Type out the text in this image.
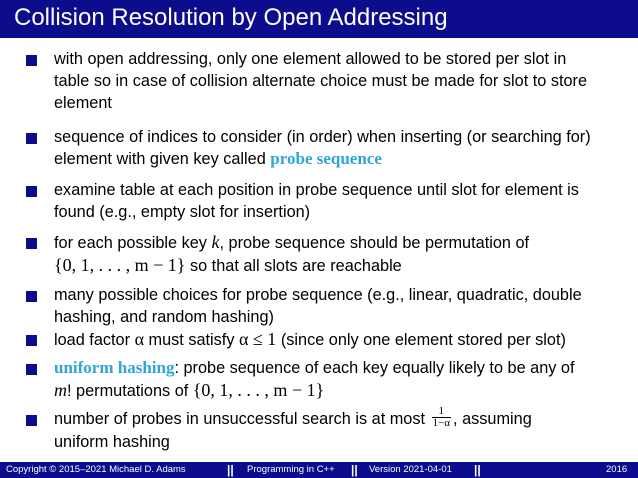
Collision Resolution by Open Addressing
with open addressing, only one element allowed to be stored per slot in table so in case of collision alternate choice must be made for slot to store element
sequence of indices to consider (in order) when inserting (or searching for) element with given key called probe sequence
examine table at each position in probe sequence until slot for element is found (e.g., empty slot for insertion)
for each possible key k, probe sequence should be permutation of
{0, 1, . . . , m − 1} so that all slots are reachable
many possible choices for probe sequence (e.g., linear, quadratic, double hashing, and random hashing)
load factor α must satisfy α ≤ 1 (since only one element stored per slot)
uniform hashing: probe sequence of each key equally likely to be any of
m! permutations of {0, 1, . . . , m − 1}
number of probes in unsuccessful search is at most $\frac{1}{1-\alpha}$ , assuming
uniform hashing
Copyright © 2015–2021 Michael D. Adams	|| Programming in C++ || Version 2021-04-01 ||	2016
